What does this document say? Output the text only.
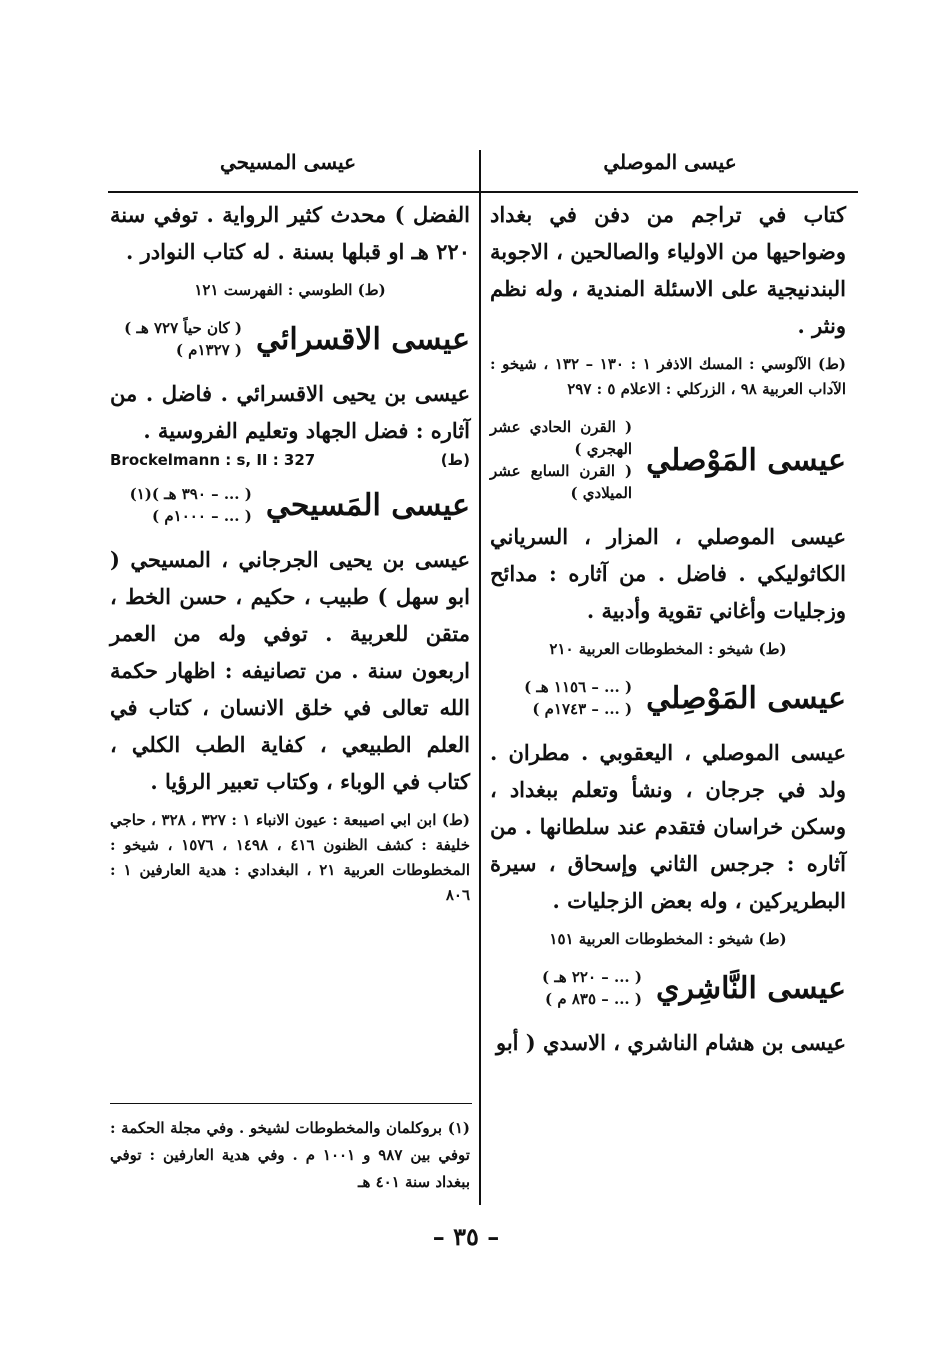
عيسى الموصلي
عيسى المسيحي

كتاب في تراجم من دفن في بغداد وضواحيها من الاولياء والصالحين ، الاجوبة البندنيجية على الاسئلة المندية ، وله نظم ونثر .

(ط) الآلوسي : المسك الاذفر ١ : ١٣٠ – ١٣٢ ، شيخو : الآداب العربية ٩٨ ، الزركلي : الاعلام ٥ : ٢٩٧

عيسى المَوْصلي
( القرن الحادي عشر الهجري )
( القرن السابع عشر الميلادي )

عيسى الموصلي ، المزار ، السرياني الكاثوليكي . فاضل . من آثاره : مدائح وزجليات وأغاني تقوية وأدبية .

(ط) شيخو : المخطوطات العربية ٢١٠

عيسى المَوْصِلي
( ... – ١١٥٦ هـ )
( ... – ١٧٤٣م )

عيسى الموصلي ، اليعقوبي . مطران . ولد في جرجان ، ونشأ وتعلم ببغداد ، وسكن خراسان فتقدم عند سلطانها . من آثاره : جرجس الثاني وإسحاق ، سيرة البطريركين ، وله بعض الزجليات .

(ط) شيخو : المخطوطات العربية ١٥١

عيسى النَّاشِري
( ... – ٢٢٠ هـ )
( ... – ٨٣٥ م )

عيسى بن هشام الناشري ، الاسدي ( أبو

الفضل ) محدث كثير الرواية . توفي سنة ٢٢٠ هـ او قبلها بسنة . له كتاب النوادر .

(ط) الطوسي : الفهرست ١٢١

عيسى الاقسرائي
( كان حياً ٧٢٧ هـ )
( ١٣٢٧م )

عيسى بن يحيى الاقسرائي . فاضل . من آثاره : فضل الجهاد وتعليم الفروسية .

Brockelmann : s, II : 327	(ط)
عيسى المَسيحي
( ... – ٣٩٠ هـ )(١)
( ... – ١٠٠٠م )

عيسى بن يحيى الجرجاني ، المسيحي ( ابو سهل ) طبيب ، حكيم ، حسن الخط ، متقن للعربية . توفي وله من العمر اربعون سنة . من تصانيفه : اظهار حكمة الله تعالى في خلق الانسان ، كتاب في العلم الطبيعي ، كفاية الطب الكلي ، كتاب في الوباء ، وكتاب تعبير الرؤيا .

(ط) ابن ابي اصيبعة : عيون الانباء ١ : ٣٢٧ ، ٣٢٨ ، حاجي خليفة : كشف الظنون ٤١٦ ، ١٤٩٨ ، ١٥٧٦ ، شيخو : المخطوطات العربية ٢١ ، البغدادي : هدية العارفين ١ : ٨٠٦

(١) بروكلمان والمخطوطات لشيخو . وفي مجلة الحكمة : توفي بين ٩٨٧ و ١٠٠١ م . وفي هدية العارفين : توفي ببغداد سنة ٤٠١ هـ
– ٣٥ –
